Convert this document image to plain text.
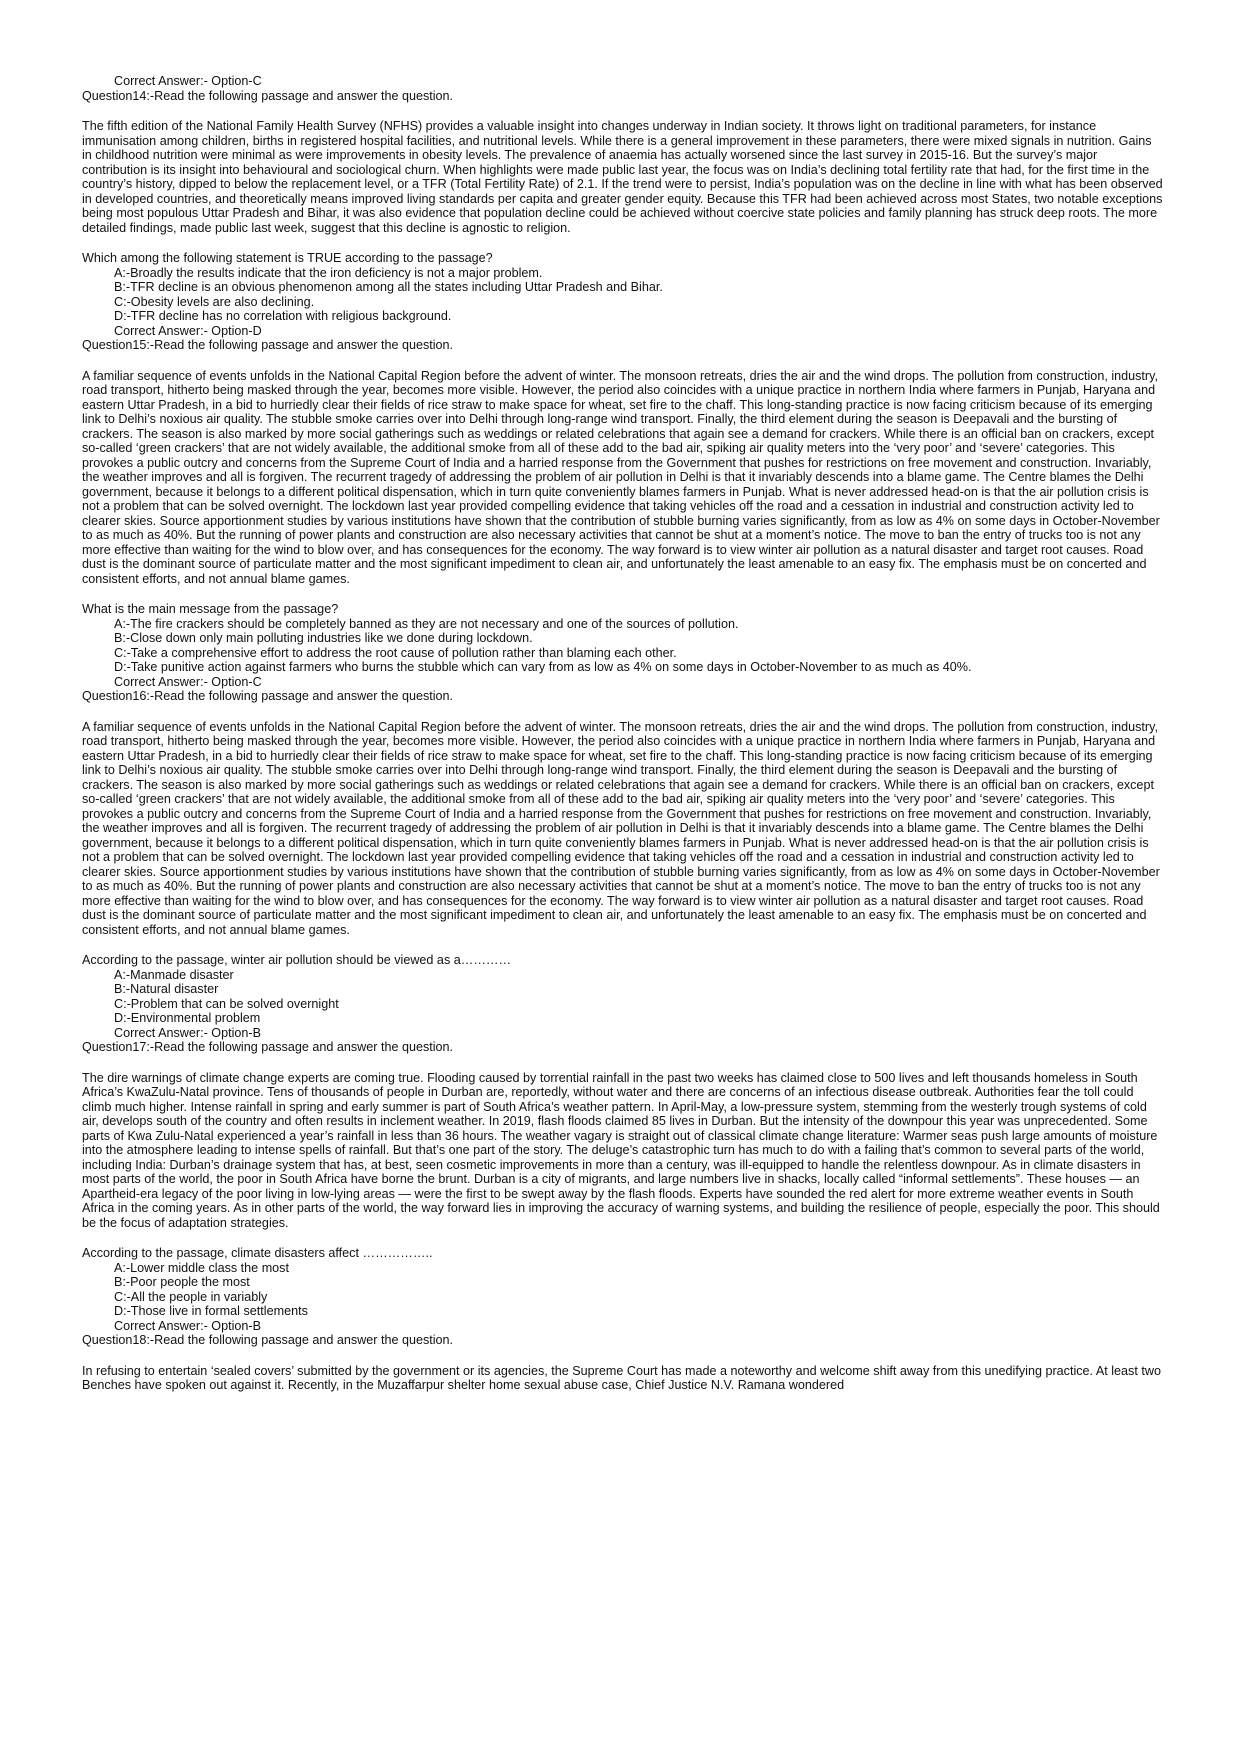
Correct Answer:- Option-C

Question14:-Read the following passage and answer the question.

The fifth edition of the National Family Health Survey (NFHS) provides a valuable insight into changes underway in Indian society. It throws light on traditional parameters, for instance immunisation among children, births in registered hospital facilities, and nutritional levels. While there is a general improvement in these parameters, there were mixed signals in nutrition. Gains in childhood nutrition were minimal as were improvements in obesity levels. The prevalence of anaemia has actually worsened since the last survey in 2015-16. But the survey’s major contribution is its insight into behavioural and sociological churn. When highlights were made public last year, the focus was on India’s declining total fertility rate that had, for the first time in the country’s history, dipped to below the replacement level, or a TFR (Total Fertility Rate) of 2.1. If the trend were to persist, India’s population was on the decline in line with what has been observed in developed countries, and theoretically means improved living standards per capita and greater gender equity. Because this TFR had been achieved across most States, two notable exceptions being most populous Uttar Pradesh and Bihar, it was also evidence that population decline could be achieved without coercive state policies and family planning has struck deep roots. The more detailed findings, made public last week, suggest that this decline is agnostic to religion.

Which among the following statement is TRUE according to the passage?

A:-Broadly the results indicate that the iron deficiency is not a major problem.

B:-TFR decline is an obvious phenomenon among all the states including Uttar Pradesh and Bihar.

C:-Obesity levels are also declining.

D:-TFR decline has no correlation with religious background.

Correct Answer:- Option-D

Question15:-Read the following passage and answer the question.

A familiar sequence of events unfolds in the National Capital Region before the advent of winter. The monsoon retreats, dries the air and the wind drops. The pollution from construction, industry, road transport, hitherto being masked through the year, becomes more visible. However, the period also coincides with a unique practice in northern India where farmers in Punjab, Haryana and eastern Uttar Pradesh, in a bid to hurriedly clear their fields of rice straw to make space for wheat, set fire to the chaff. This long-standing practice is now facing criticism because of its emerging link to Delhi’s noxious air quality. The stubble smoke carries over into Delhi through long-range wind transport. Finally, the third element during the season is Deepavali and the bursting of crackers. The season is also marked by more social gatherings such as weddings or related celebrations that again see a demand for crackers. While there is an official ban on crackers, except so-called ‘green crackers’ that are not widely available, the additional smoke from all of these add to the bad air, spiking air quality meters into the ‘very poor’ and ‘severe’ categories. This provokes a public outcry and concerns from the Supreme Court of India and a harried response from the Government that pushes for restrictions on free movement and construction. Invariably, the weather improves and all is forgiven. The recurrent tragedy of addressing the problem of air pollution in Delhi is that it invariably descends into a blame game. The Centre blames the Delhi government, because it belongs to a different political dispensation, which in turn quite conveniently blames farmers in Punjab. What is never addressed head-on is that the air pollution crisis is not a problem that can be solved overnight. The lockdown last year provided compelling evidence that taking vehicles off the road and a cessation in industrial and construction activity led to clearer skies. Source apportionment studies by various institutions have shown that the contribution of stubble burning varies significantly, from as low as 4% on some days in October-November to as much as 40%. But the running of power plants and construction are also necessary activities that cannot be shut at a moment’s notice. The move to ban the entry of trucks too is not any more effective than waiting for the wind to blow over, and has consequences for the economy. The way forward is to view winter air pollution as a natural disaster and target root causes. Road dust is the dominant source of particulate matter and the most significant impediment to clean air, and unfortunately the least amenable to an easy fix. The emphasis must be on concerted and consistent efforts, and not annual blame games.

What is the main message from the passage?

A:-The fire crackers should be completely banned as they are not necessary and one of the sources of pollution.

B:-Close down only main polluting industries like we done during lockdown.

C:-Take a comprehensive effort to address the root cause of pollution rather than blaming each other.

D:-Take punitive action against farmers who burns the stubble which can vary from as low as 4% on some days in October-November to as much as 40%.

Correct Answer:- Option-C

Question16:-Read the following passage and answer the question.

A familiar sequence of events unfolds in the National Capital Region before the advent of winter. The monsoon retreats, dries the air and the wind drops. The pollution from construction, industry, road transport, hitherto being masked through the year, becomes more visible. However, the period also coincides with a unique practice in northern India where farmers in Punjab, Haryana and eastern Uttar Pradesh, in a bid to hurriedly clear their fields of rice straw to make space for wheat, set fire to the chaff. This long-standing practice is now facing criticism because of its emerging link to Delhi’s noxious air quality. The stubble smoke carries over into Delhi through long-range wind transport. Finally, the third element during the season is Deepavali and the bursting of crackers. The season is also marked by more social gatherings such as weddings or related celebrations that again see a demand for crackers. While there is an official ban on crackers, except so-called ‘green crackers’ that are not widely available, the additional smoke from all of these add to the bad air, spiking air quality meters into the ‘very poor’ and ‘severe’ categories. This provokes a public outcry and concerns from the Supreme Court of India and a harried response from the Government that pushes for restrictions on free movement and construction. Invariably, the weather improves and all is forgiven. The recurrent tragedy of addressing the problem of air pollution in Delhi is that it invariably descends into a blame game. The Centre blames the Delhi government, because it belongs to a different political dispensation, which in turn quite conveniently blames farmers in Punjab. What is never addressed head-on is that the air pollution crisis is not a problem that can be solved overnight. The lockdown last year provided compelling evidence that taking vehicles off the road and a cessation in industrial and construction activity led to clearer skies. Source apportionment studies by various institutions have shown that the contribution of stubble burning varies significantly, from as low as 4% on some days in October-November to as much as 40%. But the running of power plants and construction are also necessary activities that cannot be shut at a moment’s notice. The move to ban the entry of trucks too is not any more effective than waiting for the wind to blow over, and has consequences for the economy. The way forward is to view winter air pollution as a natural disaster and target root causes. Road dust is the dominant source of particulate matter and the most significant impediment to clean air, and unfortunately the least amenable to an easy fix. The emphasis must be on concerted and consistent efforts, and not annual blame games.

According to the passage, winter air pollution should be viewed as a…………

A:-Manmade disaster

B:-Natural disaster

C:-Problem that can be solved overnight

D:-Environmental problem

Correct Answer:- Option-B

Question17:-Read the following passage and answer the question.

The dire warnings of climate change experts are coming true. Flooding caused by torrential rainfall in the past two weeks has claimed close to 500 lives and left thousands homeless in South Africa’s KwaZulu-Natal province. Tens of thousands of people in Durban are, reportedly, without water and there are concerns of an infectious disease outbreak. Authorities fear the toll could climb much higher. Intense rainfall in spring and early summer is part of South Africa’s weather pattern. In April-May, a low-pressure system, stemming from the westerly trough systems of cold air, develops south of the country and often results in inclement weather. In 2019, flash floods claimed 85 lives in Durban. But the intensity of the downpour this year was unprecedented. Some parts of Kwa Zulu-Natal experienced a year’s rainfall in less than 36 hours. The weather vagary is straight out of classical climate change literature: Warmer seas push large amounts of moisture into the atmosphere leading to intense spells of rainfall. But that’s one part of the story. The deluge’s catastrophic turn has much to do with a failing that’s common to several parts of the world, including India: Durban’s drainage system that has, at best, seen cosmetic improvements in more than a century, was ill-equipped to handle the relentless downpour. As in climate disasters in most parts of the world, the poor in South Africa have borne the brunt. Durban is a city of migrants, and large numbers live in shacks, locally called “informal settlements”. These houses — an Apartheid-era legacy of the poor living in low-lying areas — were the first to be swept away by the flash floods. Experts have sounded the red alert for more extreme weather events in South Africa in the coming years. As in other parts of the world, the way forward lies in improving the accuracy of warning systems, and building the resilience of people, especially the poor. This should be the focus of adaptation strategies.

According to the passage, climate disasters affect ……………..

A:-Lower middle class the most

B:-Poor people the most

C:-All the people in variably

D:-Those live in formal settlements

Correct Answer:- Option-B

Question18:-Read the following passage and answer the question.

In refusing to entertain ‘sealed covers’ submitted by the government or its agencies, the Supreme Court has made a noteworthy and welcome shift away from this unedifying practice. At least two Benches have spoken out against it. Recently, in the Muzaffarpur shelter home sexual abuse case, Chief Justice N.V. Ramana wondered
